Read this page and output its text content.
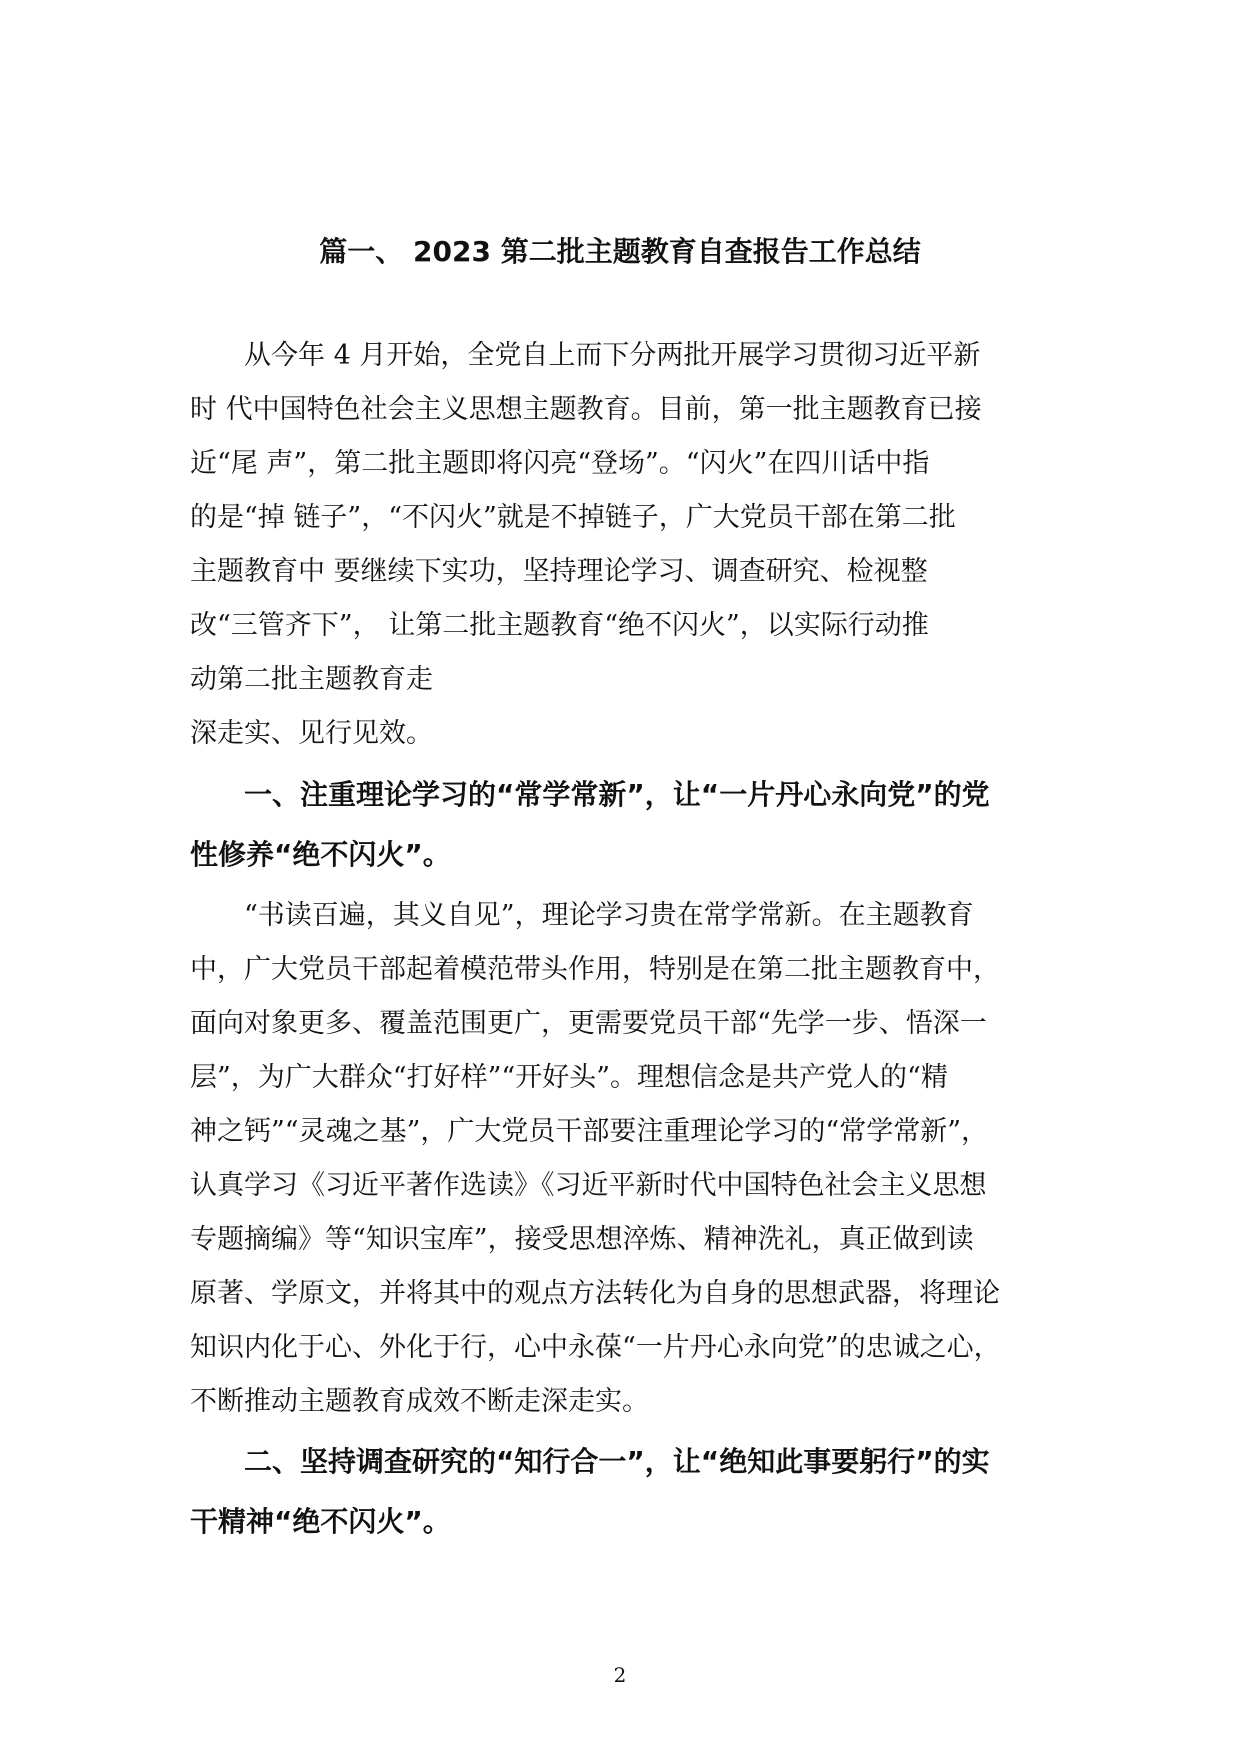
篇一、 2023 第二批主题教育自查报告工作总结
从今年 4 月开始，全党自上而下分两批开展学习贯彻习近平新
时 代中国特色社会主义思想主题教育。目前，第一批主题教育已接
近“尾 声”，第二批主题即将闪亮“登场”。“闪火”在四川话中指
的是“掉 链子”，“不闪火”就是不掉链子，广大党员干部在第二批
主题教育中 要继续下实功，坚持理论学习、调查研究、检视整
改“三管齐下”， 让第二批主题教育“绝不闪火”，以实际行动推
动第二批主题教育走
深走实、见行见效。
一、注重理论学习的“常学常新”，让“一片丹心永向党”的党
性修养“绝不闪火”。
“书读百遍，其义自见”，理论学习贵在常学常新。在主题教育
中，广大党员干部起着模范带头作用，特别是在第二批主题教育中，
面向对象更多、覆盖范围更广，更需要党员干部“先学一步、悟深一
层”，为广大群众“打好样”“开好头”。理想信念是共产党人的“精
神之钙”“灵魂之基”，广大党员干部要注重理论学习的“常学常新”，
认真学习《习近平著作选读》《习近平新时代中国特色社会主义思想
专题摘编》等“知识宝库”，接受思想淬炼、精神洗礼，真正做到读
原著、学原文，并将其中的观点方法转化为自身的思想武器，将理论
知识内化于心、外化于行，心中永葆“一片丹心永向党”的忠诚之心，
不断推动主题教育成效不断走深走实。
二、坚持调查研究的“知行合一”，让“绝知此事要躬行”的实
干精神“绝不闪火”。
2
